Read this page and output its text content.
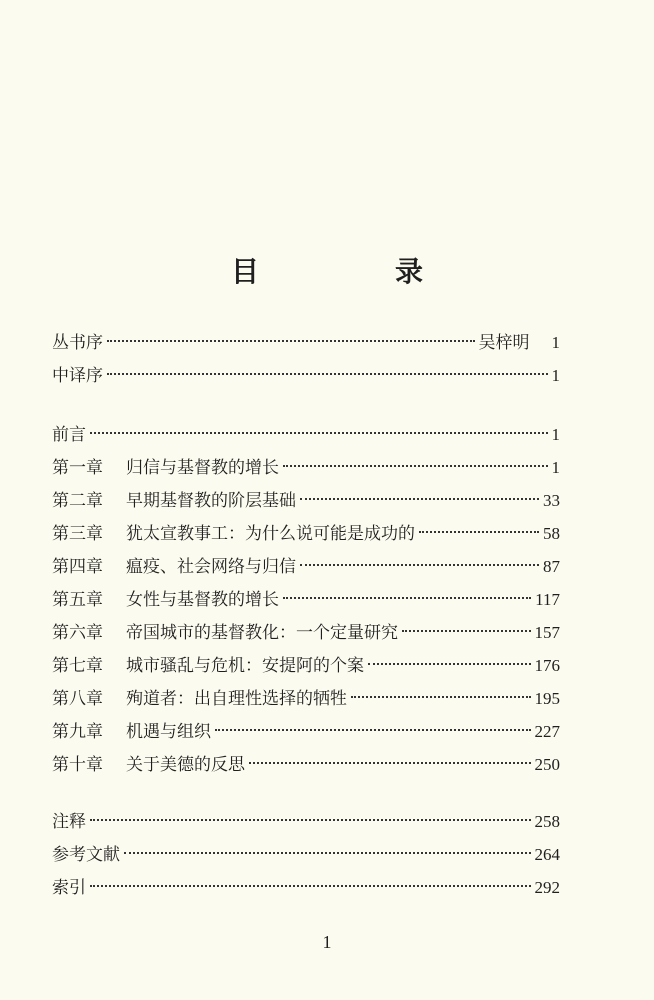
目　录
丛书序	吴梓明 1
中译序	1
前言	1
第一章	归信与基督教的增长	1
第二章	早期基督教的阶层基础	33
第三章	犹太宣教事工：为什么说可能是成功的	58
第四章	瘟疫、社会网络与归信	87
第五章	女性与基督教的增长	117
第六章	帝国城市的基督教化：一个定量研究	157
第七章	城市骚乱与危机：安提阿的个案	176
第八章	殉道者：出自理性选择的牺牲	195
第九章	机遇与组织	227
第十章	关于美德的反思	250
注释	258
参考文献	264
索引	292
1
